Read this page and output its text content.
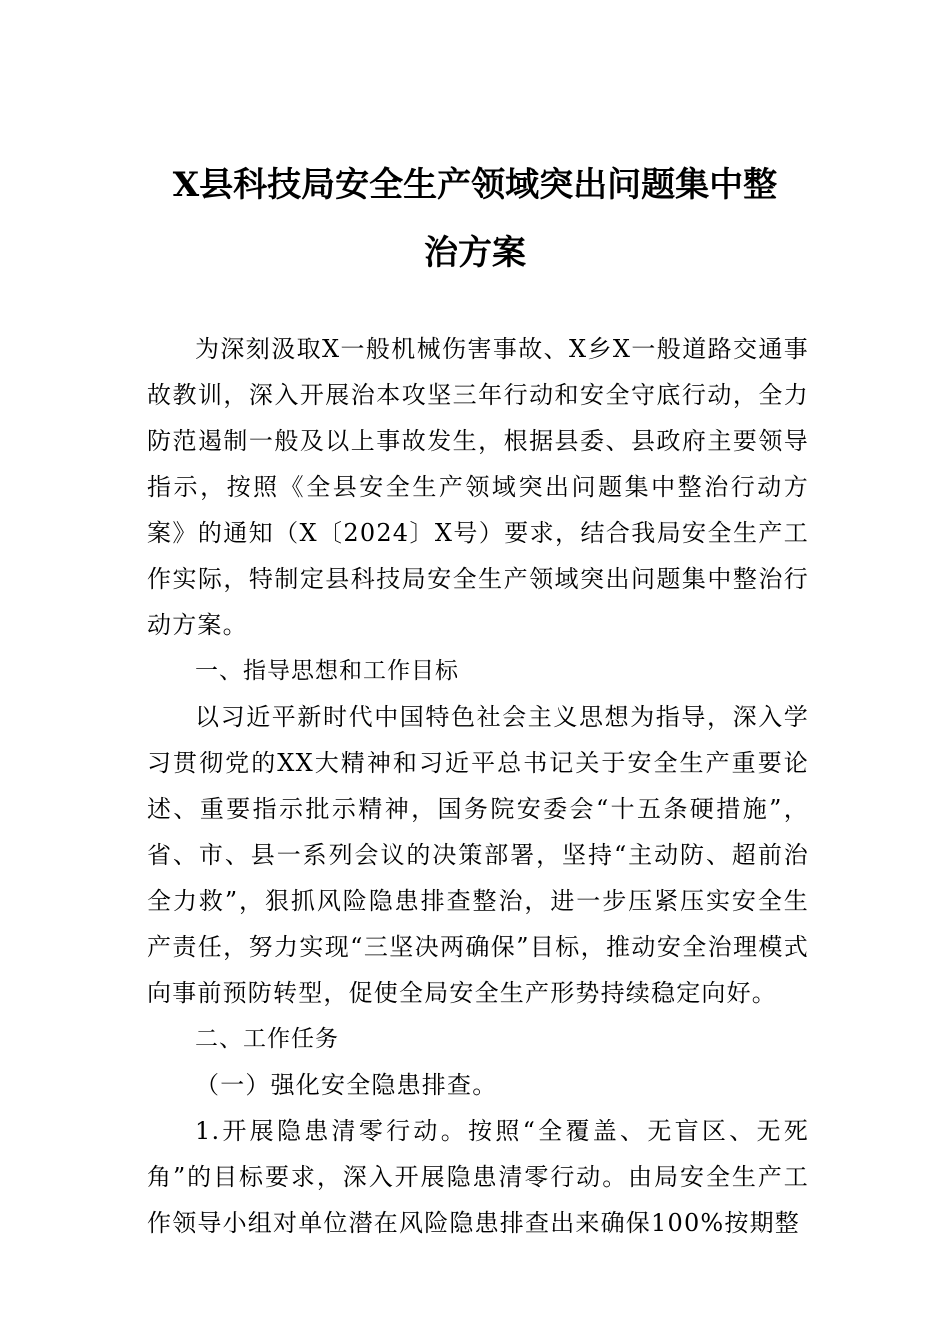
X县科技局安全生产领域突出问题集中整
治方案

为深刻汲取X一般机械伤害事故、X乡X一般道路交通事故教训，深入开展治本攻坚三年行动和安全守底行动，全力防范遏制一般及以上事故发生，根据县委、县政府主要领导指示，按照《全县安全生产领域突出问题集中整治行动方案》的通知（X〔2024〕X号）要求，结合我局安全生产工作实际，特制定县科技局安全生产领域突出问题集中整治行动方案。

一、指导思想和工作目标

以习近平新时代中国特色社会主义思想为指导，深入学习贯彻党的XX大精神和习近平总书记关于安全生产重要论述、重要指示批示精神，国务院安委会“十五条硬措施”，省、市、县一系列会议的决策部署，坚持“主动防、超前治全力救”，狠抓风险隐患排查整治，进一步压紧压实安全生产责任，努力实现“三坚决两确保”目标，推动安全治理模式向事前预防转型，促使全局安全生产形势持续稳定向好。

二、工作任务

（一）强化安全隐患排查。

1.开展隐患清零行动。按照“全覆盖、无盲区、无死角”的目标要求，深入开展隐患清零行动。由局安全生产工作领导小组对单位潜在风险隐患排查出来确保100%按期整
